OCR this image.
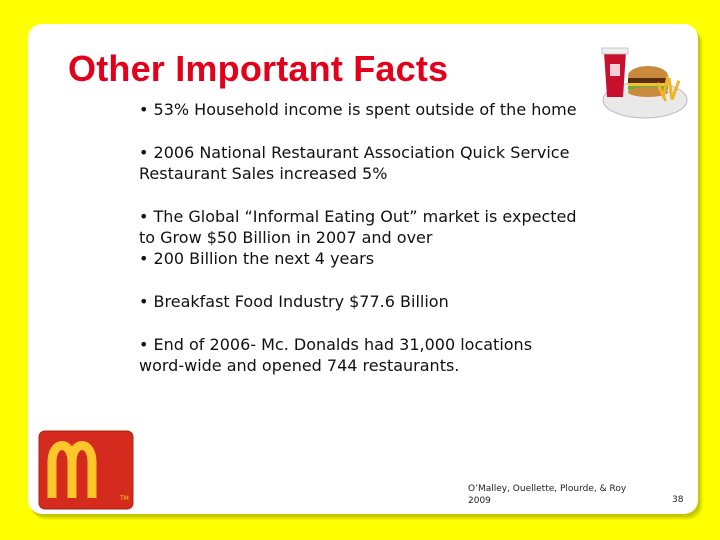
Other Important Facts
• 53% Household income is spent outside of the home
• 2006 National Restaurant Association Quick Service Restaurant Sales increased 5%
• The Global “Informal Eating Out” market is expected to Grow $50 Billion in 2007 and over
• 200 Billion the next 4 years
• Breakfast Food Industry $77.6 Billion
• End of 2006- Mc. Donalds had 31,000 locations word-wide and opened 744 restaurants.
TM
O’Malley, Ouellette, Plourde, & Roy
2009	38
